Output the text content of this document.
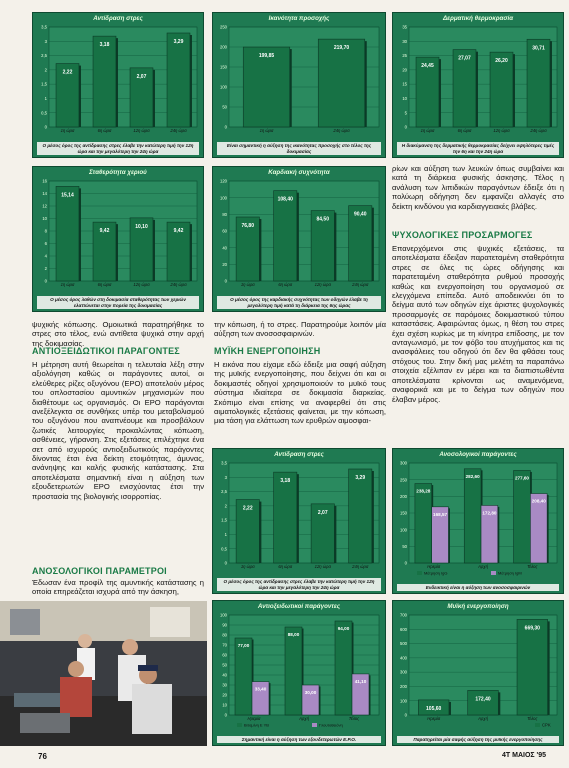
0
0,5
1
1,5
2
2,5
3
3,5
2,22
1η ώρα
3,18
6η ώρα
2,07
12η ώρα
3,29
24η ώρα
Αντίδραση στρες
Ο μέσος όρος της αντίδρασης στρες έλαβε την κατώτερη τιμή την 12η ώρα και την μεγαλύτερη την 24η ώρα
0
50
100
150
200
250
199,85
1η ώρα
219,70
24η ώρα
Ικανότητα προσοχής
Είναι σημαντική η αύξηση της ικανότητας προσοχής στο τέλος της δοκιμασίας
0
5
10
15
20
25
30
35
24,45
1η ώρα
27,07
6η ώρα
26,20
12η ώρα
30,71
24η ώρα
Δερματική θερμοκρασία
Η διακύμανση της δερματικής θερμοκρασίας δείχνει υψηλότερες τιμές την 6η και την 24η ώρα
0
2
4
6
8
10
12
14
16
15,14
1η ώρα
9,42
6η ώρα
10,10
12η ώρα
9,42
24η ώρα
Σταθερότητα χεριού
Ο μέσος όρος λαθών στη δοκιμασία σταθερότητας των χεριών ελαττώνεται στην πορεία της δοκιμασίας
0
20
40
60
80
100
120
76,80
1η ώρα
108,40
6η ώρα
84,50
12η ώρα
90,40
24η ώρα
Καρδιακή συχνότητα
Ο μέσος όρος της καρδιακής συχνότητας των οδηγών έλαβε τη μεγαλύτερη τιμή κατά τη διάρκεια της 6ης ώρας
0
0,5
1
1,5
2
2,5
3
3,5
2,22
1η ώρα
3,18
6η ώρα
2,07
12η ώρα
3,29
24η ώρα
Αντίδραση στρες
Ο μέσος όρος της αντίδρασης στρες έλαβε την κατώτερη τιμή την 12η ώρα και την μεγαλύτερη την 24η ώρα
0
50
100
150
200
250
300
238,28
168,57
Ηρεμία
282,60
172,80
Αρχή
277,60
208,40
Τέλος
Μέτρηση IgG	Μέτρηση IgM
Ανοσολογικοί παράγοντες
Ενδεικτική είναι η αύξηση των ανοσοσφαιρινών
0
10
20
30
40
50
60
70
80
90
100
77,00
33,40
Ηρεμία
88,00
30,00
Αρχή
94,00
41,10
Τέλος
Βιταμίνη Ε ΥΒ	Γλουταθειόνη
Αντιοξειδωτικοί παράγοντες
Σημαντική είναι η αύξηση των εξουδετερωτών Ε.Ρ.Ο.
0
100
200
300
400
500
600
700
105,60
Ηρεμία
172,40
Αρχή
669,30
Τέλος
CPK
Μυϊκή ενεργοποίηση
Παρατηρείται μία σαφής αύξηση της μυϊκής ενεργοποίησης
ψυχικής κόπωσης. Ομοιωτικά παρατηρήθηκε το στρες στο τέλος, ενώ αντίθετα ψυχικά στην αρχή της δοκιμασίας.
ΑΝΤΙΟΞΕΙΔΩΤΙΚΟΙ ΠΑΡΑΓΟΝΤΕΣ
Η μέτρηση αυτή θεωρείται η τελευταία λέξη στην αξιολόγηση καθώς οι παράγοντες αυτοί, οι ελεύθερες ρίζες οξυγόνου (ΕΡΟ) αποτελούν μέρος του οπλοστασίου αμυντικών μηχανισμών που διαθέτουμε ως οργανισμός. Οι ΕΡΟ παράγονται ανεξέλεγκτα σε συνθήκες υπέρ του μεταβολισμού του οξυγόνου που αναπνέουμε και προσβάλουν ζωτικές λειτουργίες προκαλώντας κόπωση, ασθένειες, γήρανση. Στις εξετάσεις επιλέχτηκε ένα σετ από ισχυρούς αντιοξειδωτικούς παράγοντες δίνοντας έτσι ένα δείκτη ετοιμότητας, άμυνας, ανάνηψης και καλής φυσικής κατάστασης. Στα αποτελέσματα σημαντική είναι η αύξηση των εξουδετερωτών ΕΡΟ ενισχύοντας έτσι την προστασία της βιολογικής ισορροπίας.
ΑΝΟΣΟΛΟΓΙΚΟΙ ΠΑΡΑΜΕΤΡΟΙ
Έδωσαν ένα προφίλ της αμυντικής κατάστασης η οποία επηρεάζεται ισχυρά από την άσκηση,
την κόπωση, ή το στρες. Παρατηρούμε λοιπόν μία αύξηση των ανοσοσφαιρινών.
ΜΥΪΚΗ ΕΝΕΡΓΟΠΟΙΗΣΗ
Η εικόνα που είχαμε εδώ έδειξε μια σαφή αύξηση της μυϊκής ενεργοποίησης, που δείχνει ότι και οι δοκιμαστές οδηγοί χρησιμοποιούν το μυϊκό τους σύστημα ιδιαίτερα σε δοκιμασία διαρκείας. Σκόπιμο είναι επίσης να αναφερθεί ότι στις αιματολογικές εξετάσεις φαίνεται, με την κόπωση, μια τάση για ελάττωση των ερυθρών αιμοσφαι-
ρίων και αύξηση των λευκών όπως συμβαίνει και κατά τη διάρκεια φυσικής άσκησης. Τέλος η ανάλυση των λιπιδικών παραγόντων έδειξε ότι η πολύωρη οδήγηση δεν εμφανίζει αλλαγές στο δείκτη κινδύνου για καρδιαγγειακές βλάβες.
ΨΥΧΟΛΟΓΙΚΕΣ ΠΡΟΣΑΡΜΟΓΕΣ
Επανερχόμενοι στις ψυχικές εξετάσεις, τα αποτελέσματα έδειξαν παρατεταμένη σταθερότητα στρες σε όλες τις ώρες οδήγησης και παρατεταμένη σταθερότητα ρυθμού προσοχής καθώς και ενεργοποίηση του οργανισμού σε ελεγχόμενα επίπεδα. Αυτό αποδεικνύει ότι το δείγμα αυτό των οδηγών είχε άριστες ψυχολογικές προσαρμογές σε παρόμοιες δοκιμαστικού τύπου καταστάσεις. Αφαιρώντας όμως, η θέση του στρες έχει σχέση κυρίως με τη κίνητρα επίδοσης, με τον ανταγωνισμό, με τον φόβο του ατυχήματος και τις ανασφάλειες του οδηγού ότι δεν θα φθάσει τους στόχους του. Στην δική μας μελέτη τα παραπάνω στοιχεία εξέλιπαν εν μέρει και τα διαπιστωθέντα αποτελέσματα κρίνονται ως αναμενόμενα, αναφορικά και με το δείγμα των οδηγών που έλαβαν μέρος.
76	4T ΜΑΙΟΣ '95
